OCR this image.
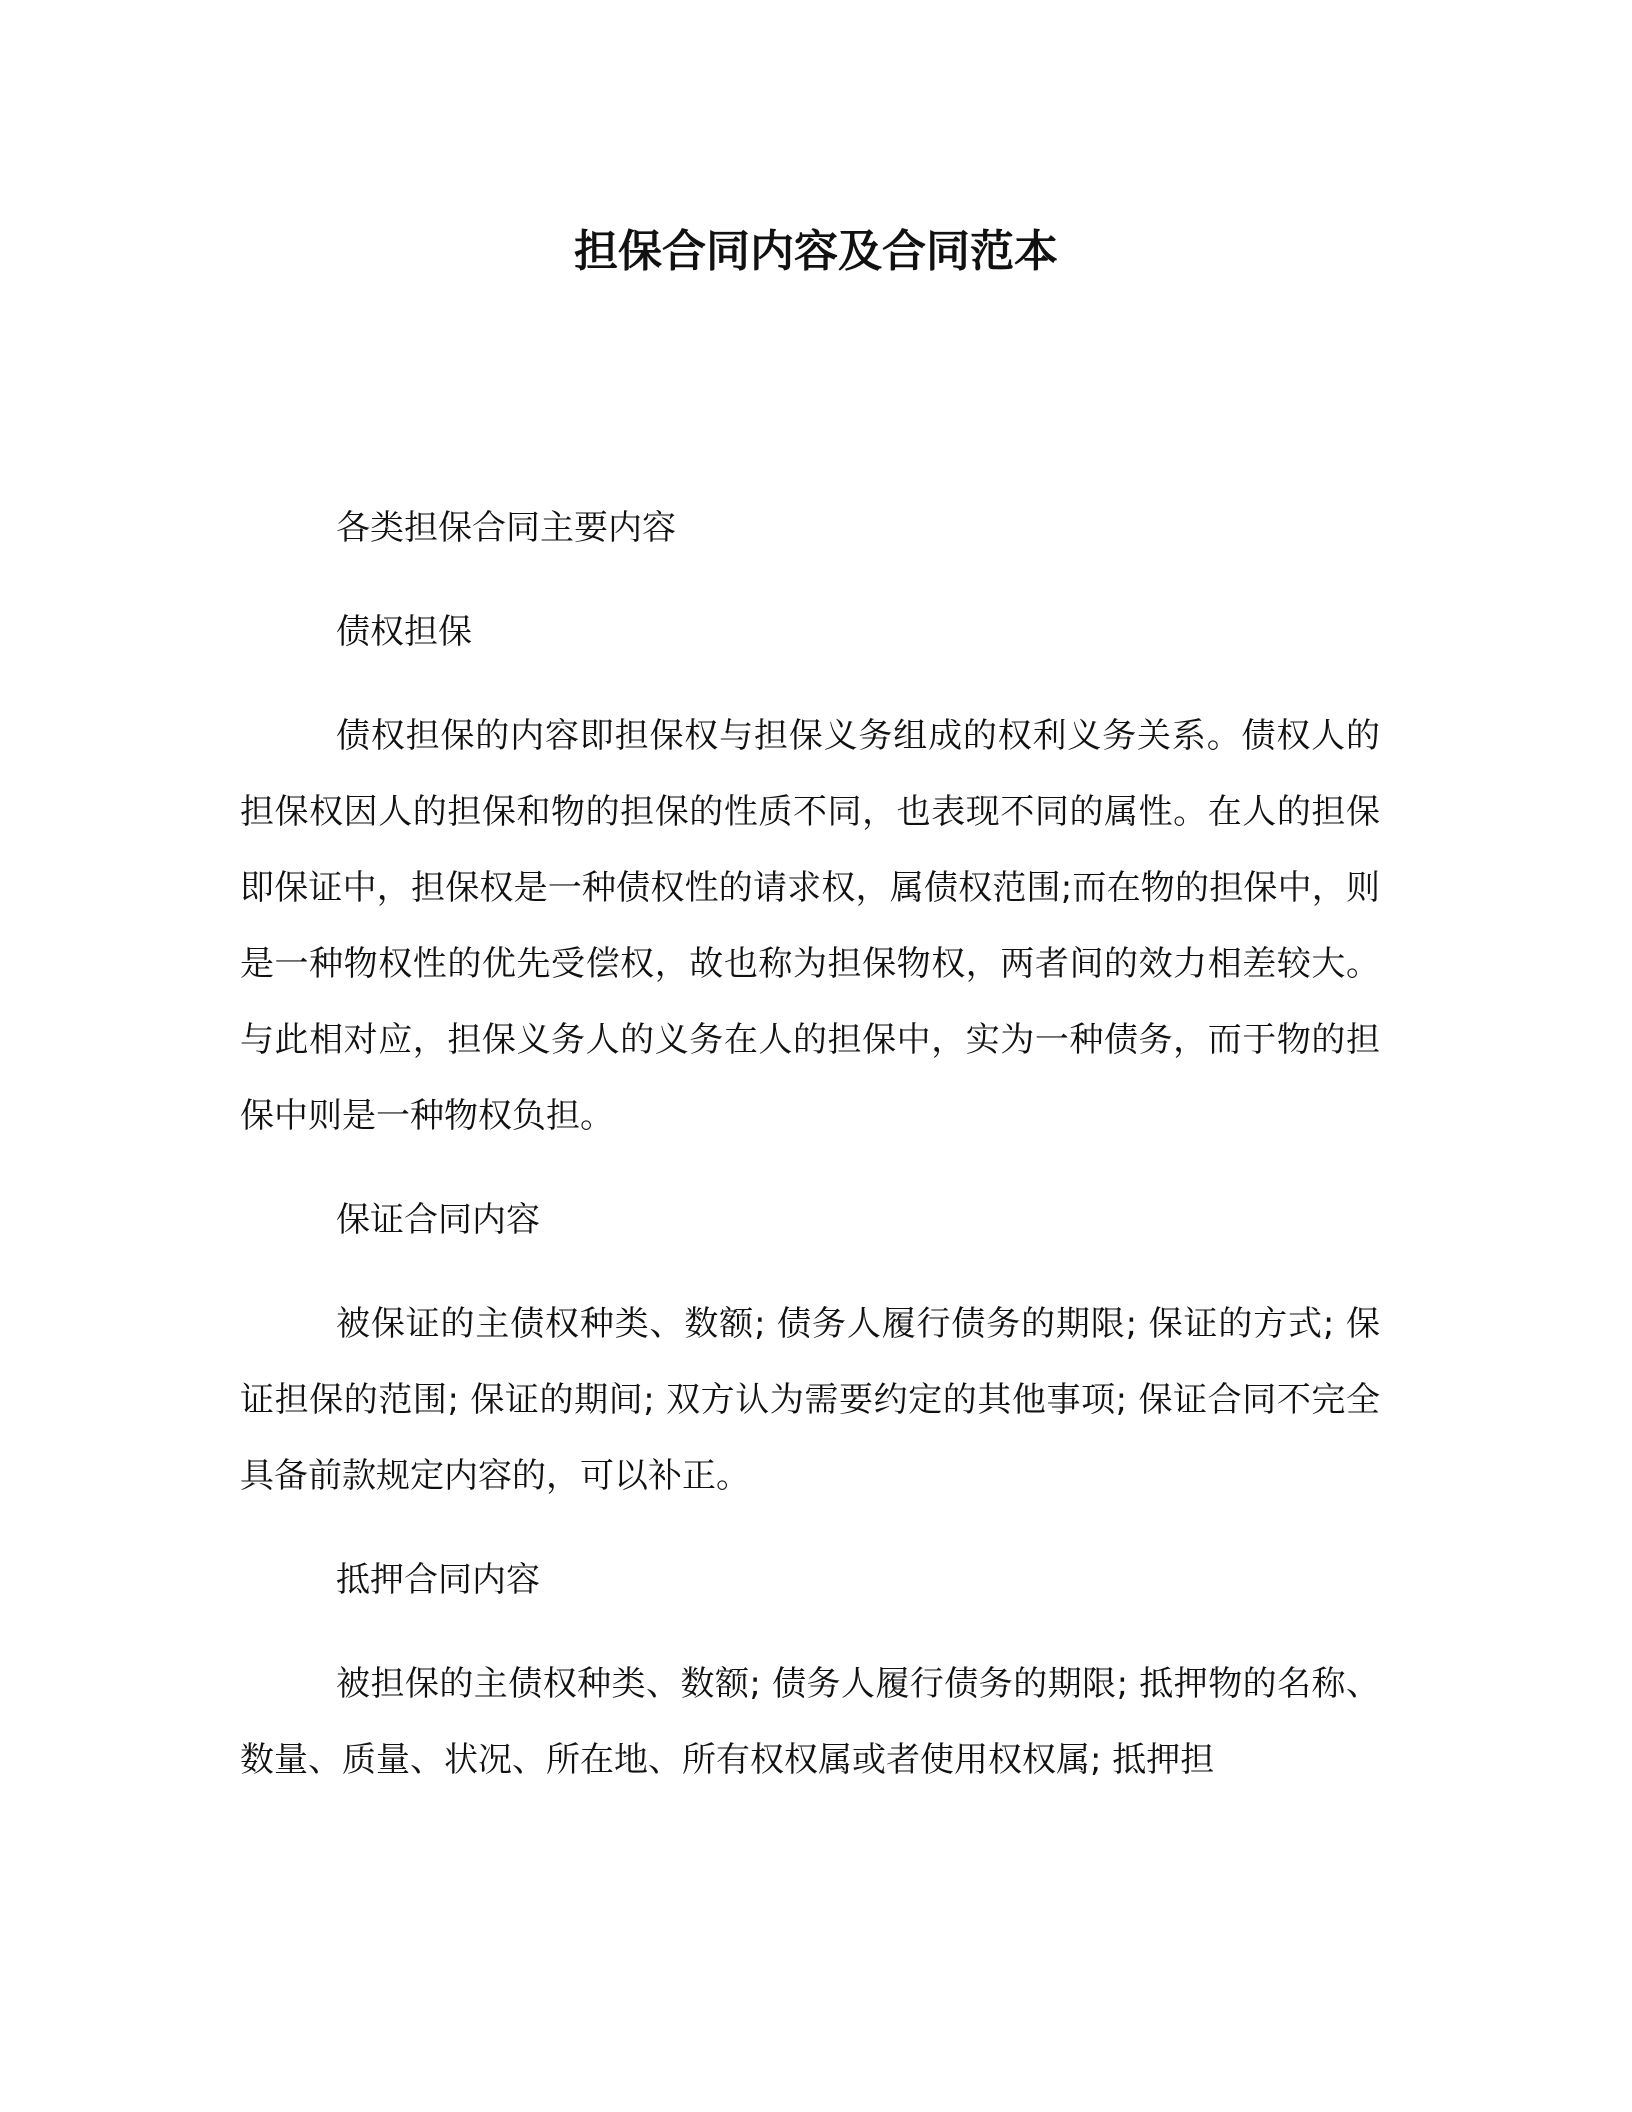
担保合同内容及合同范本

各类担保合同主要内容

债权担保

债权担保的内容即担保权与担保义务组成的权利义务关系。债权人的担保权因人的担保和物的担保的性质不同，也表现不同的属性。在人的担保即保证中，担保权是一种债权性的请求权，属债权范围;而在物的担保中，则是一种物权性的优先受偿权，故也称为担保物权，两者间的效力相差较大。与此相对应，担保义务人的义务在人的担保中，实为一种债务，而于物的担保中则是一种物权负担。

保证合同内容

被保证的主债权种类、数额; 债务人履行债务的期限; 保证的方式; 保证担保的范围; 保证的期间; 双方认为需要约定的其他事项; 保证合同不完全具备前款规定内容的，可以补正。

抵押合同内容

被担保的主债权种类、数额; 债务人履行债务的期限; 抵押物的名称、数量、质量、状况、所在地、所有权权属或者使用权权属; 抵押担
